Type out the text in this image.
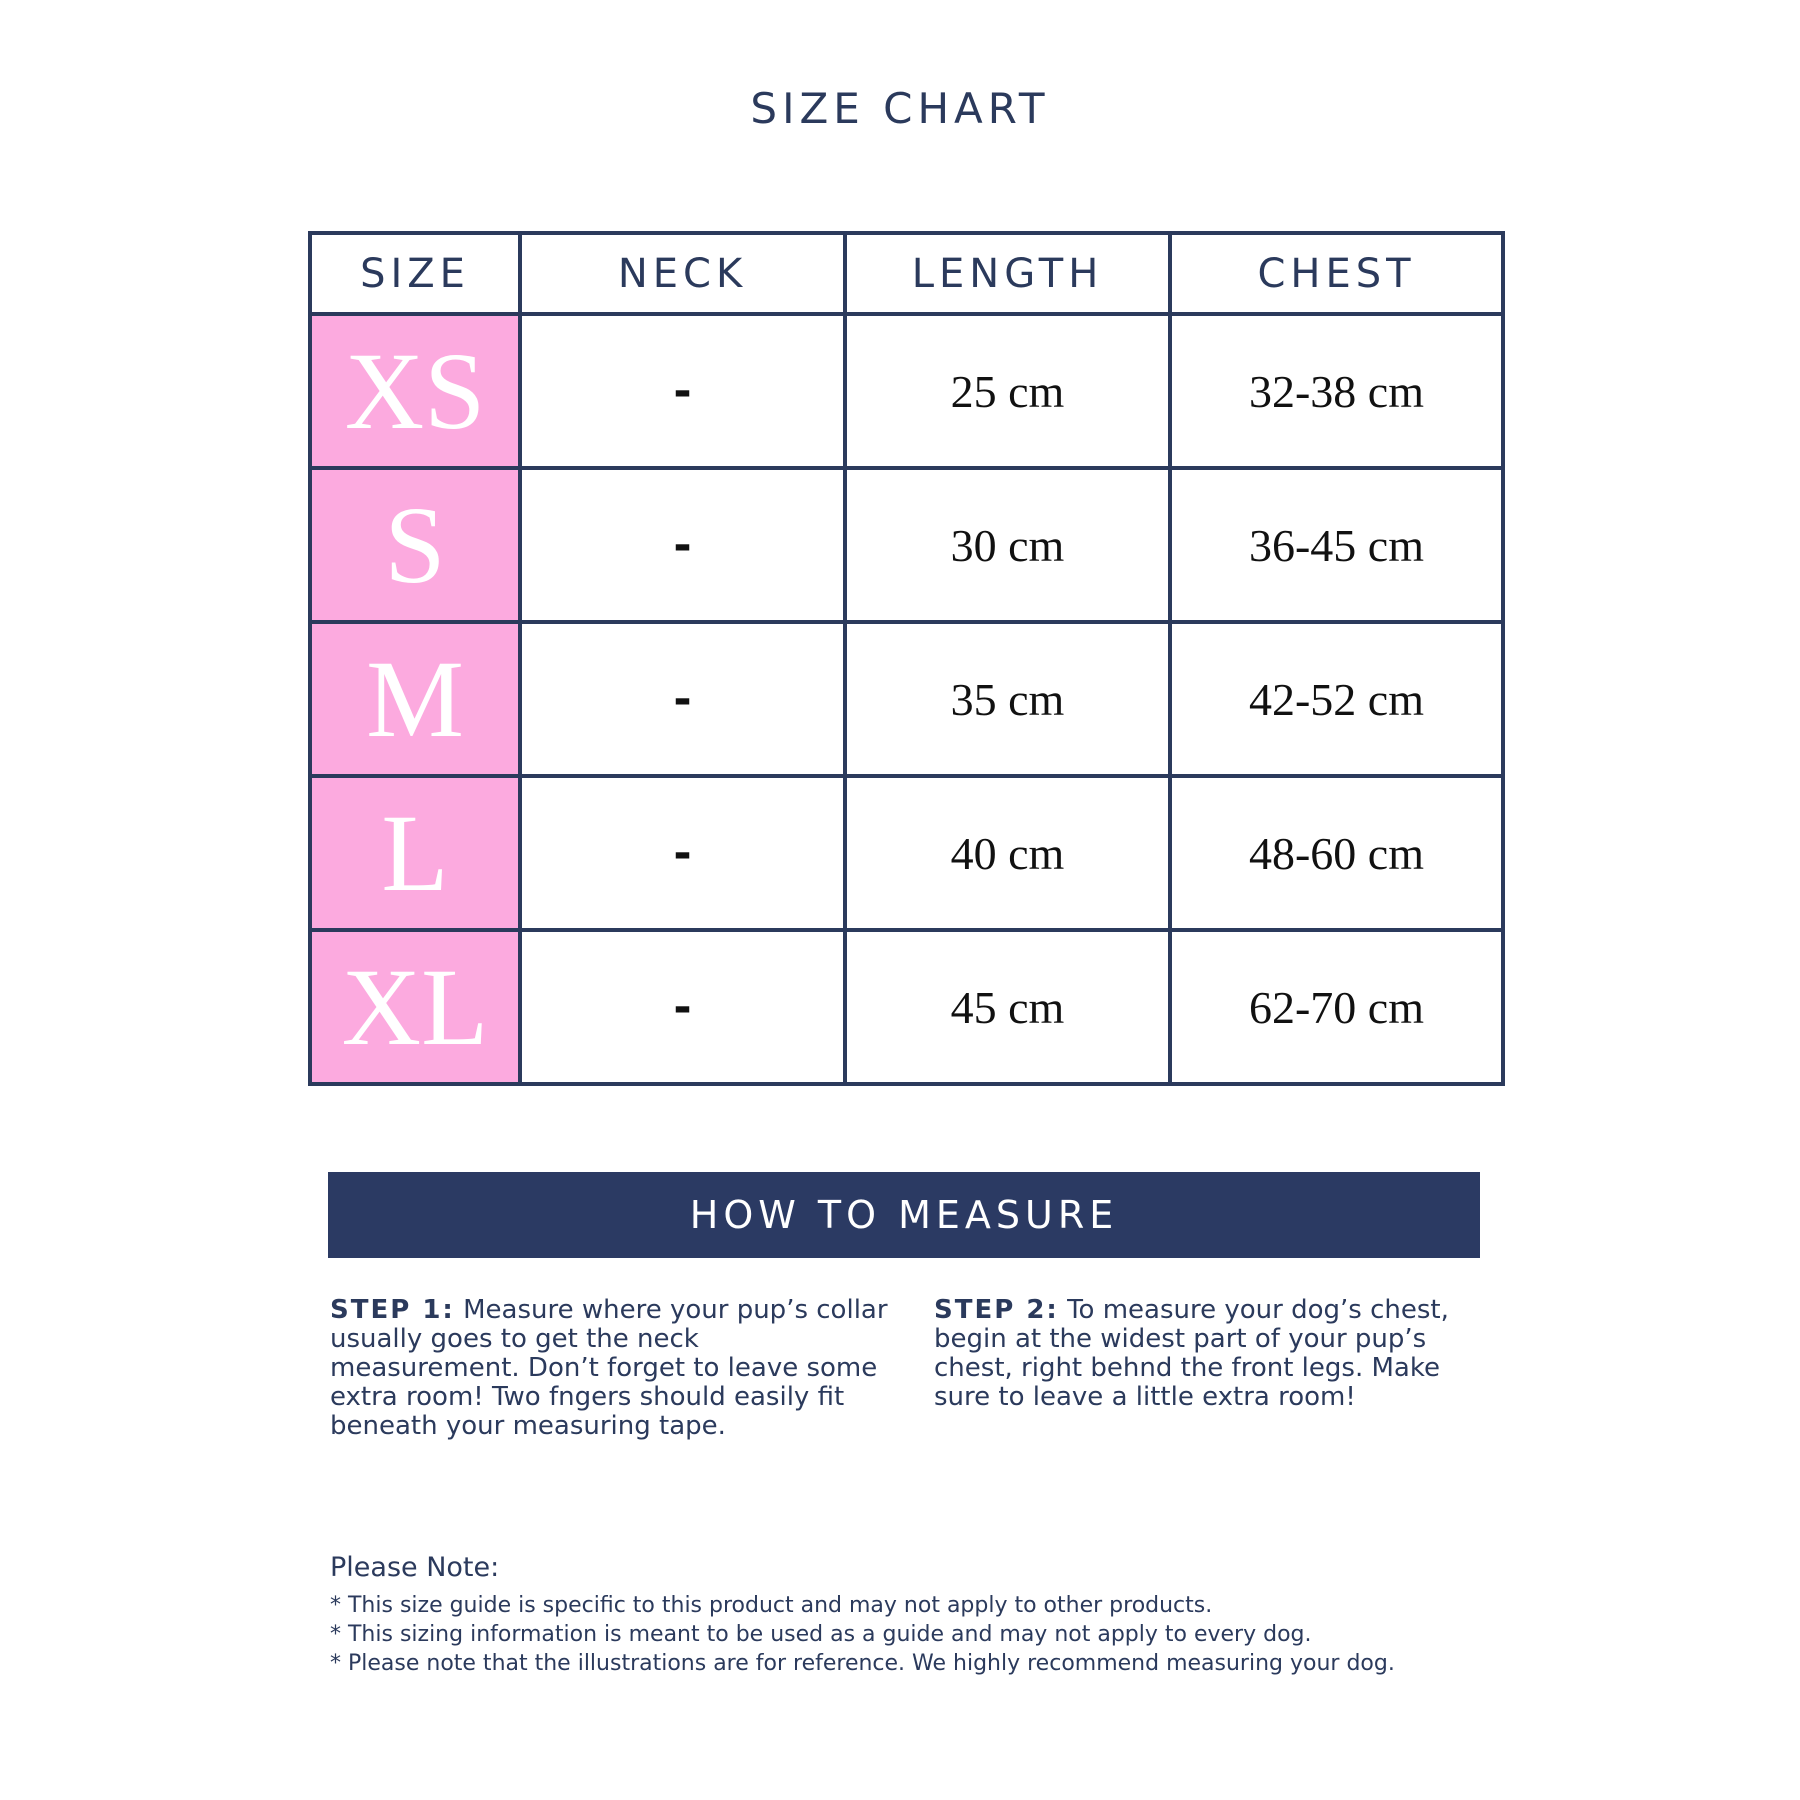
SIZE CHART
SIZE	NECK	LENGTH	CHEST
XS	-	25 cm	32-38 cm
S	-	30 cm	36-45 cm
M	-	35 cm	42-52 cm
L	-	40 cm	48-60 cm
XL	-	45 cm	62-70 cm
HOW TO MEASURE
STEP 1: Measure where your pup’s collar usually goes to get the neck measurement. Don’t forget to leave some extra room! Two fngers should easily fit beneath your measuring tape.
STEP 2: To measure your dog’s chest, begin at the widest part of your pup’s chest, right behnd the front legs. Make sure to leave a little extra room!
Please Note:
* This size guide is specific to this product and may not apply to other products.
* This sizing information is meant to be used as a guide and may not apply to every dog.
* Please note that the illustrations are for reference. We highly recommend measuring your dog.
